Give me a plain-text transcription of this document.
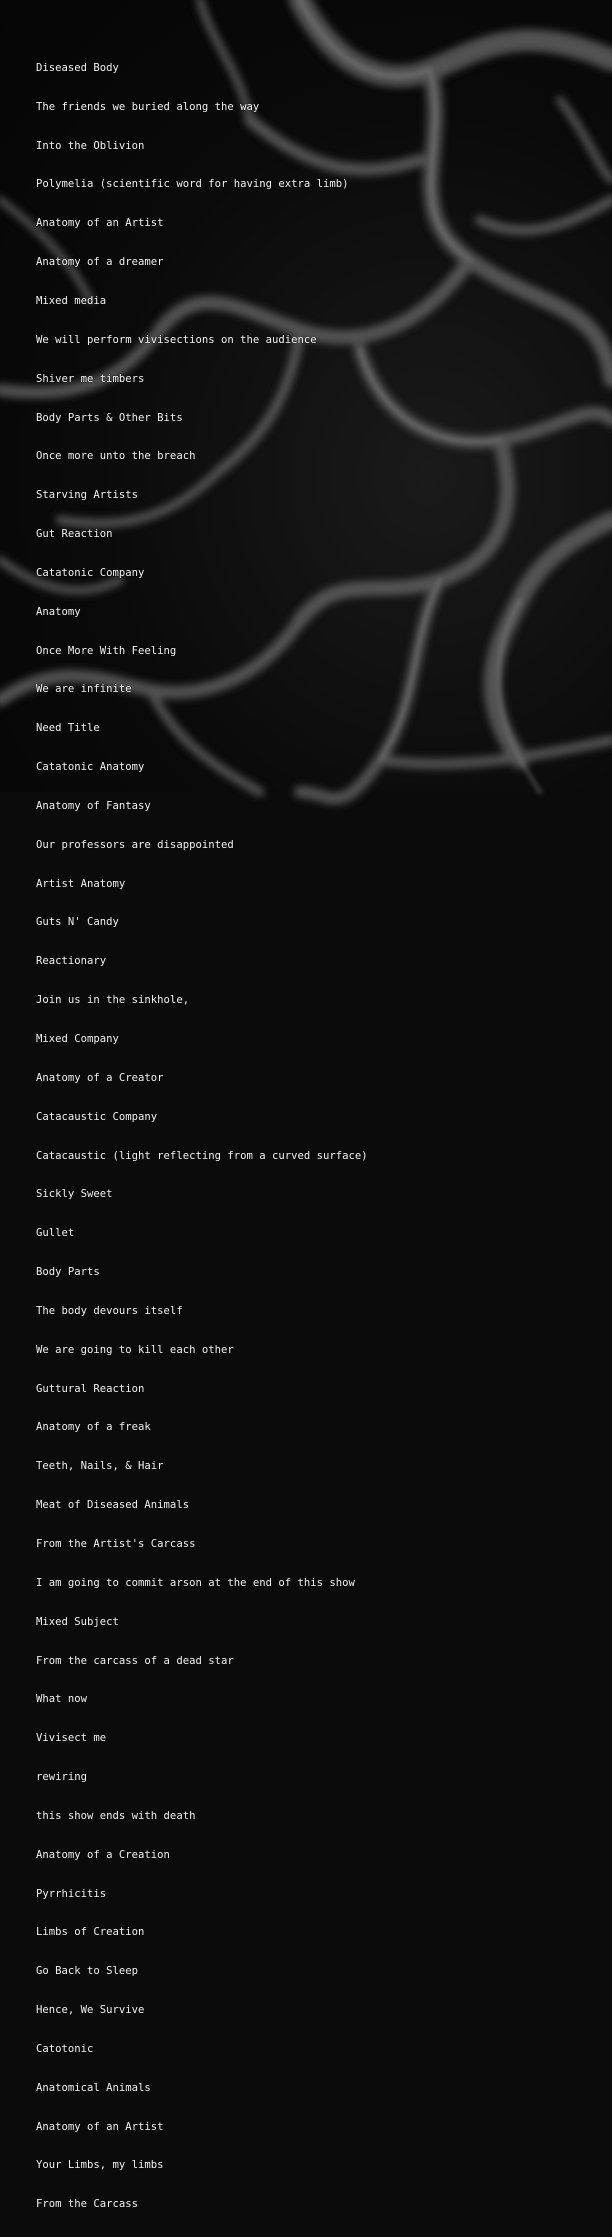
Diseased Body

The friends we buried along the way

Into the Oblivion

Polymelia (scientific word for having extra limb)

Anatomy of an Artist

Anatomy of a dreamer

Mixed media

We will perform vivisections on the audience

Shiver me timbers

Body Parts & Other Bits

Once more unto the breach

Starving Artists

Gut Reaction

Catatonic Company

Anatomy

Once More With Feeling

We are infinite

Need Title

Catatonic Anatomy

Anatomy of Fantasy

Our professors are disappointed

Artist Anatomy

Guts N' Candy

Reactionary

Join us in the sinkhole,

Mixed Company

Anatomy of a Creator

Catacaustic Company

Catacaustic (light reflecting from a curved surface)

Sickly Sweet

Gullet

Body Parts

The body devours itself

We are going to kill each other

Guttural Reaction

Anatomy of a freak

Teeth, Nails, & Hair

Meat of Diseased Animals

From the Artist's Carcass

I am going to commit arson at the end of this show

Mixed Subject

From the carcass of a dead star

What now

Vivisect me

rewiring

this show ends with death

Anatomy of a Creation

Pyrrhicitis

Limbs of Creation

Go Back to Sleep

Hence, We Survive

Catotonic

Anatomical Animals

Anatomy of an Artist

Your Limbs, my limbs

From the Carcass
